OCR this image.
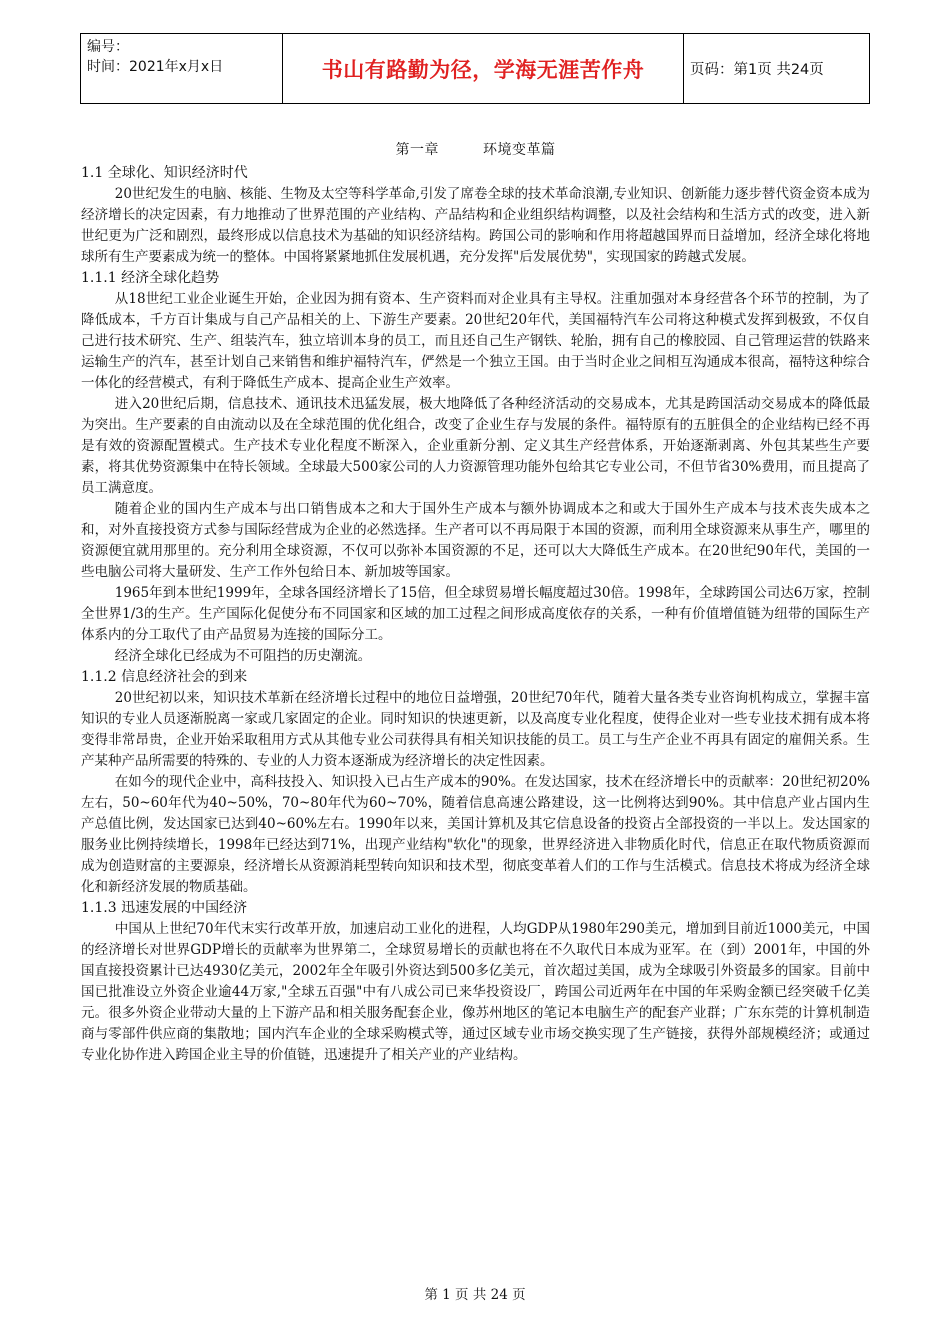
编号：
时间：2021年x月x日	书山有路勤为径，学海无涯苦作舟	页码：第1页 共24页
第一章	环境变革篇

1.1 全球化、知识经济时代

20世纪发生的电脑、核能、生物及太空等科学革命,引发了席卷全球的技术革命浪潮,专业知识、创新能力逐步替代资金资本成为经济增长的决定因素，有力地推动了世界范围的产业结构、产品结构和企业组织结构调整，以及社会结构和生活方式的改变，进入新世纪更为广泛和剧烈，最终形成以信息技术为基础的知识经济结构。跨国公司的影响和作用将超越国界而日益增加，经济全球化将地球所有生产要素成为统一的整体。中国将紧紧地抓住发展机遇，充分发挥"后发展优势"，实现国家的跨越式发展。

1.1.1 经济全球化趋势

从18世纪工业企业诞生开始，企业因为拥有资本、生产资料而对企业具有主导权。注重加强对本身经营各个环节的控制，为了降低成本，千方百计集成与自己产品相关的上、下游生产要素。20世纪20年代，美国福特汽车公司将这种模式发挥到极致，不仅自己进行技术研究、生产、组装汽车，独立培训本身的员工，而且还自己生产钢铁、轮胎，拥有自己的橡胶园、自己管理运营的铁路来运输生产的汽车，甚至计划自己来销售和维护福特汽车，俨然是一个独立王国。由于当时企业之间相互沟通成本很高，福特这种综合一体化的经营模式，有利于降低生产成本、提高企业生产效率。

进入20世纪后期，信息技术、通讯技术迅猛发展，极大地降低了各种经济活动的交易成本，尤其是跨国活动交易成本的降低最为突出。生产要素的自由流动以及在全球范围的优化组合，改变了企业生存与发展的条件。福特原有的五脏俱全的企业结构已经不再是有效的资源配置模式。生产技术专业化程度不断深入，企业重新分割、定义其生产经营体系，开始逐渐剥离、外包其某些生产要素，将其优势资源集中在特长领域。全球最大500家公司的人力资源管理功能外包给其它专业公司，不但节省30%费用，而且提高了员工满意度。

随着企业的国内生产成本与出口销售成本之和大于国外生产成本与额外协调成本之和或大于国外生产成本与技术丧失成本之和，对外直接投资方式参与国际经营成为企业的必然选择。生产者可以不再局限于本国的资源，而利用全球资源来从事生产，哪里的资源便宜就用那里的。充分利用全球资源，不仅可以弥补本国资源的不足，还可以大大降低生产成本。在20世纪90年代，美国的一些电脑公司将大量研发、生产工作外包给日本、新加坡等国家。

1965年到本世纪1999年，全球各国经济增长了15倍，但全球贸易增长幅度超过30倍。1998年，全球跨国公司达6万家，控制全世界1/3的生产。生产国际化促使分布不同国家和区域的加工过程之间形成高度依存的关系，一种有价值增值链为纽带的国际生产体系内的分工取代了由产品贸易为连接的国际分工。

经济全球化已经成为不可阻挡的历史潮流。

1.1.2 信息经济社会的到来

20世纪初以来，知识技术革新在经济增长过程中的地位日益增强，20世纪70年代，随着大量各类专业咨询机构成立，掌握丰富知识的专业人员逐渐脱离一家或几家固定的企业。同时知识的快速更新，以及高度专业化程度，使得企业对一些专业技术拥有成本将变得非常昂贵，企业开始采取租用方式从其他专业公司获得具有相关知识技能的员工。员工与生产企业不再具有固定的雇佣关系。生产某种产品所需要的特殊的、专业的人力资本逐渐成为经济增长的决定性因素。

在如今的现代企业中，高科技投入、知识投入已占生产成本的90%。在发达国家，技术在经济增长中的贡献率：20世纪初20%左右，50~60年代为40~50%，70~80年代为60~70%，随着信息高速公路建设，这一比例将达到90%。其中信息产业占国内生产总值比例，发达国家已达到40~60%左右。1990年以来，美国计算机及其它信息设备的投资占全部投资的一半以上。发达国家的服务业比例持续增长，1998年已经达到71%，出现产业结构"软化"的现象，世界经济进入非物质化时代，信息正在取代物质资源而成为创造财富的主要源泉，经济增长从资源消耗型转向知识和技术型，彻底变革着人们的工作与生活模式。信息技术将成为经济全球化和新经济发展的物质基础。

1.1.3 迅速发展的中国经济

中国从上世纪70年代末实行改革开放，加速启动工业化的进程，人均GDP从1980年290美元，增加到目前近1000美元，中国的经济增长对世界GDP增长的贡献率为世界第二，全球贸易增长的贡献也将在不久取代日本成为亚军。在（到）2001年，中国的外国直接投资累计已达4930亿美元，2002年全年吸引外资达到500多亿美元，首次超过美国，成为全球吸引外资最多的国家。目前中国已批准设立外资企业逾44万家,"全球五百强"中有八成公司已来华投资设厂，跨国公司近两年在中国的年采购金额已经突破千亿美元。很多外资企业带动大量的上下游产品和相关服务配套企业，像苏州地区的笔记本电脑生产的配套产业群；广东东莞的计算机制造商与零部件供应商的集散地；国内汽车企业的全球采购模式等，通过区域专业市场交换实现了生产链接，获得外部规模经济；或通过专业化协作进入跨国企业主导的价值链，迅速提升了相关产业的产业结构。

第 1 页 共 24 页
